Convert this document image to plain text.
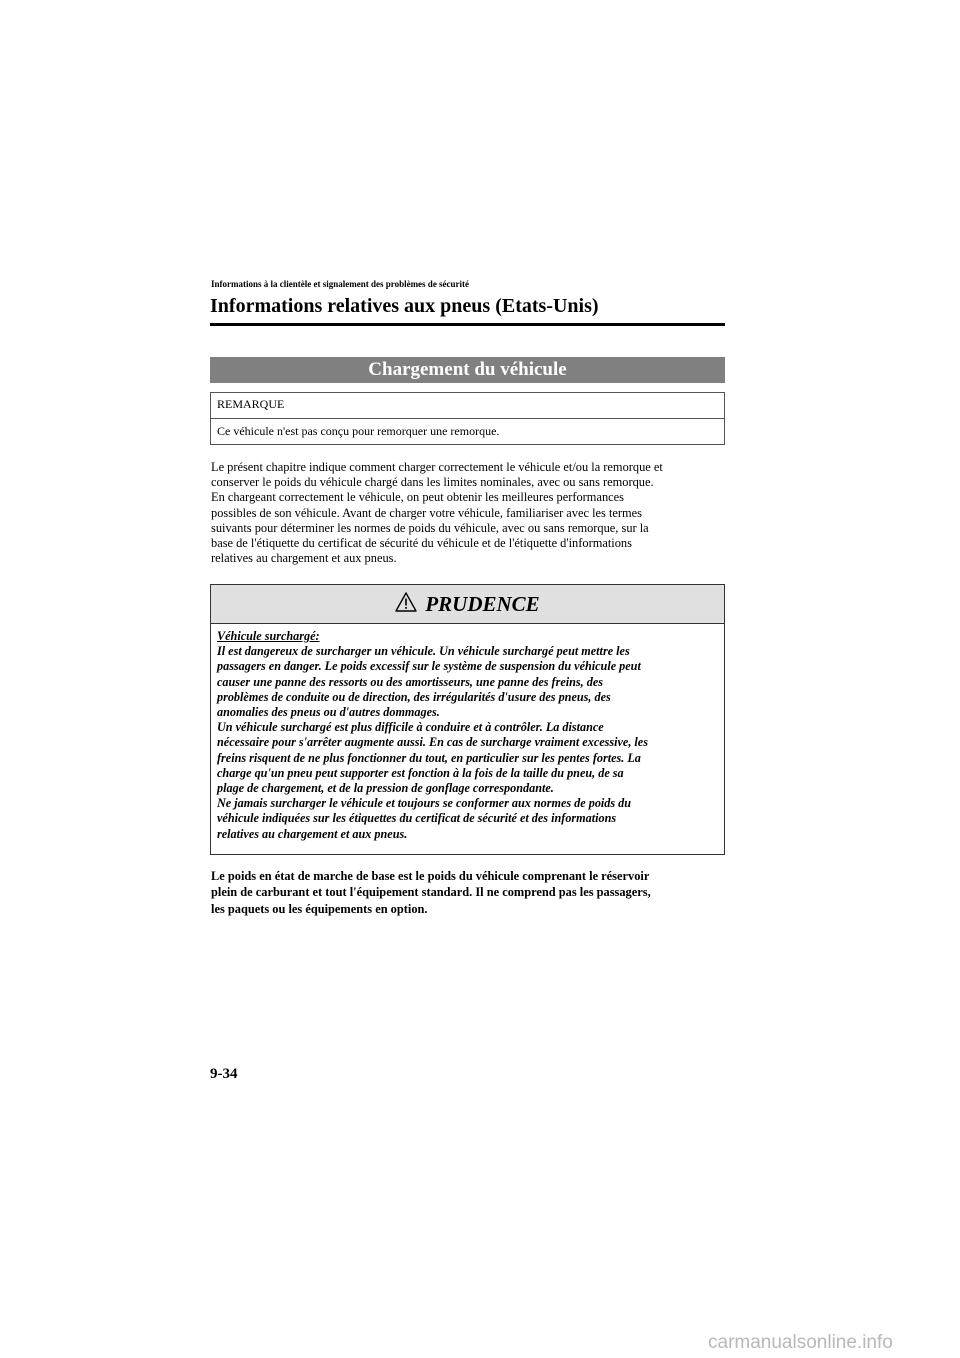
Informations à la clientèle et signalement des problèmes de sécurité
Informations relatives aux pneus (Etats-Unis)
Chargement du véhicule
REMARQUE
Ce véhicule n'est pas conçu pour remorquer une remorque.
Le présent chapitre indique comment charger correctement le véhicule et/ou la remorque et
conserver le poids du véhicule chargé dans les limites nominales, avec ou sans remorque.
En chargeant correctement le véhicule, on peut obtenir les meilleures performances
possibles de son véhicule. Avant de charger votre véhicule, familiariser avec les termes
suivants pour déterminer les normes de poids du véhicule, avec ou sans remorque, sur la
base de l'étiquette du certificat de sécurité du véhicule et de l'étiquette d'informations
relatives au chargement et aux pneus.
PRUDENCE
Véhicule surchargé:
Il est dangereux de surcharger un véhicule. Un véhicule surchargé peut mettre les
passagers en danger. Le poids excessif sur le système de suspension du véhicule peut
causer une panne des ressorts ou des amortisseurs, une panne des freins, des
problèmes de conduite ou de direction, des irrégularités d'usure des pneus, des
anomalies des pneus ou d'autres dommages.
Un véhicule surchargé est plus difficile à conduire et à contrôler. La distance
nécessaire pour s'arrêter augmente aussi. En cas de surcharge vraiment excessive, les
freins risquent de ne plus fonctionner du tout, en particulier sur les pentes fortes. La
charge qu'un pneu peut supporter est fonction à la fois de la taille du pneu, de sa
plage de chargement, et de la pression de gonflage correspondante.
Ne jamais surcharger le véhicule et toujours se conformer aux normes de poids du
véhicule indiquées sur les étiquettes du certificat de sécurité et des informations
relatives au chargement et aux pneus.
Le poids en état de marche de base est le poids du véhicule comprenant le réservoir
plein de carburant et tout l'équipement standard. Il ne comprend pas les passagers,
les paquets ou les équipements en option.
9-34
carmanualsonline.info
